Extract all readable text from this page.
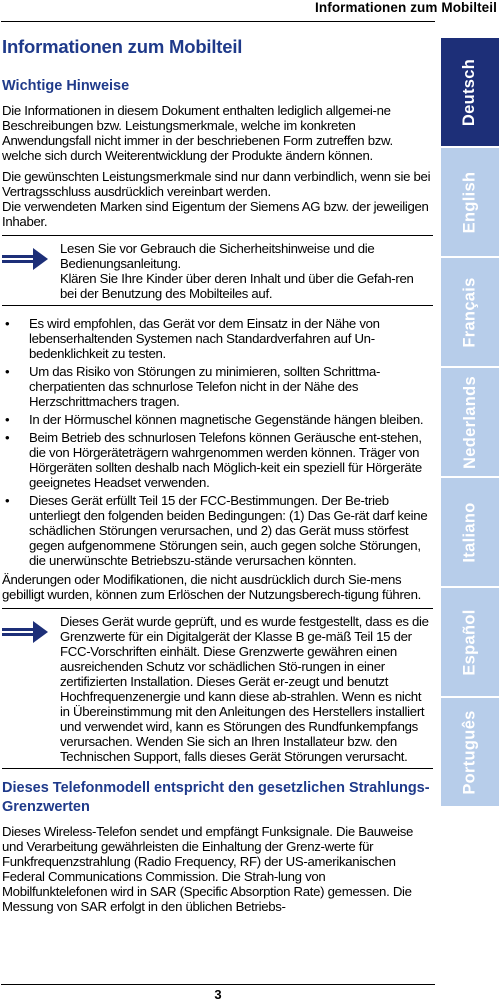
Informationen zum Mobilteil
Informationen zum Mobilteil
Wichtige Hinweise

Die Informationen in diesem Dokument enthalten lediglich allgemei-ne Beschreibungen bzw. Leistungsmerkmale, welche im konkreten Anwendungsfall nicht immer in der beschriebenen Form zutreffen bzw. welche sich durch Weiterentwicklung der Produkte ändern können.

Die gewünschten Leistungsmerkmale sind nur dann verbindlich, wenn sie bei Vertragsschluss ausdrücklich vereinbart werden.
Die verwendeten Marken sind Eigentum der Siemens AG bzw. der jeweiligen Inhaber.

Lesen Sie vor Gebrauch die Sicherheitshinweise und die Bedienungsanleitung.

Klären Sie Ihre Kinder über deren Inhalt und über die Gefah-ren bei der Benutzung des Mobilteiles auf.

• Es wird empfohlen, das Gerät vor dem Einsatz in der Nähe von lebenserhaltenden Systemen nach Standardverfahren auf Un-bedenklichkeit zu testen.
• Um das Risiko von Störungen zu minimieren, sollten Schrittma-cherpatienten das schnurlose Telefon nicht in der Nähe des Herzschrittmachers tragen.
• In der Hörmuschel können magnetische Gegenstände hängen bleiben.
• Beim Betrieb des schnurlosen Telefons können Geräusche ent-stehen, die von Hörgeräteträgern wahrgenommen werden können. Träger von Hörgeräten sollten deshalb nach Möglich-keit ein speziell für Hörgeräte geeignetes Headset verwenden.
• Dieses Gerät erfüllt Teil 15 der FCC-Bestimmungen. Der Be-trieb unterliegt den folgenden beiden Bedingungen: (1) Das Ge-rät darf keine schädlichen Störungen verursachen, und 2) das Gerät muss störfest gegen aufgenommene Störungen sein, auch gegen solche Störungen, die unerwünschte Betriebszu-stände verursachen könnten.

Änderungen oder Modifikationen, die nicht ausdrücklich durch Sie-mens gebilligt wurden, können zum Erlöschen der Nutzungsberech-tigung führen.

Dieses Gerät wurde geprüft, und es wurde festgestellt, dass es die Grenzwerte für ein Digitalgerät der Klasse B ge-mäß Teil 15 der FCC-Vorschriften einhält. Diese Grenzwerte gewähren einen ausreichenden Schutz vor schädlichen Stö-rungen in einer zertifizierten Installation. Dieses Gerät er-zeugt und benutzt Hochfrequenzenergie und kann diese ab-strahlen. Wenn es nicht in Übereinstimmung mit den Anleitungen des Herstellers installiert und verwendet wird, kann es Störungen des Rundfunkempfangs verursachen. Wenden Sie sich an Ihren Installateur bzw. den Technischen Support, falls dieses Gerät Störungen verursacht.

Dieses Telefonmodell entspricht den gesetzlichen Strahlungs-Grenzwerten

Dieses Wireless-Telefon sendet und empfängt Funksignale. Die Bauweise und Verarbeitung gewährleisten die Einhaltung der Grenz-werte für Funkfrequenzstrahlung (Radio Frequency, RF) der US-amerikanischen Federal Communications Commission. Die Strah-lung von Mobilfunktelefonen wird in SAR (Specific Absorption Rate) gemessen. Die Messung von SAR erfolgt in den üblichen Betriebs-

3
Deutsch
English
Français
Nederlands
Italiano
Español
Português
